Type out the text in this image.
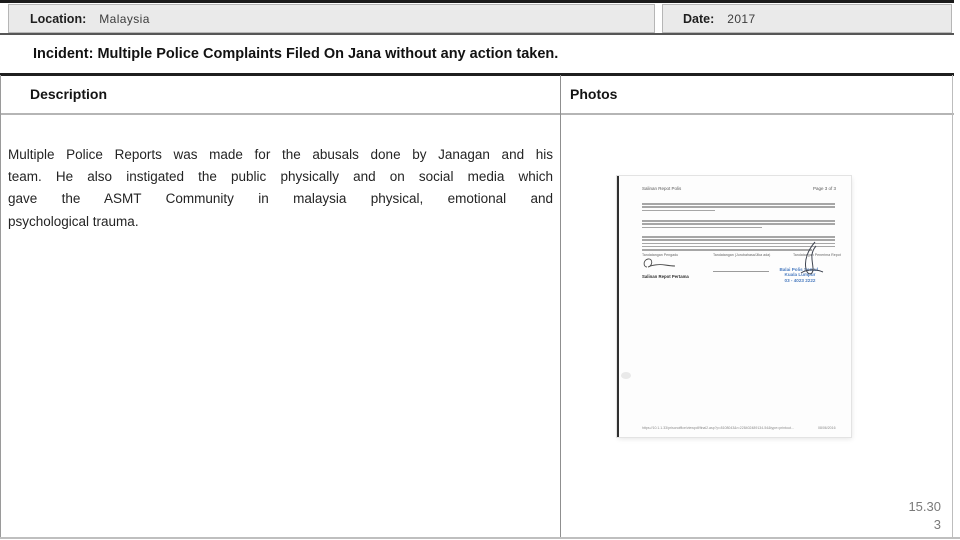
Location: Malaysia	Date: 2017
Incident: Multiple Police Complaints Filed On Jana without any action taken.
Description	Photos
Multiple Police Reports was made for the abusals done by Janagan and his
team. He also instigated the public physically and on social media which
gave the ASMT Community in malaysia physical, emotional and
psychological trauma.
Salinan Repot Polis	Page 3 of 3
Tandatangan Pengadu	Tandatangan (Jurubahasa/Jika ada)	Tandatangan Penerima Repot
Balai Polis Sentul..
Kuala Lumpur
03 - 4023 2222
Salinan Repot Pertama
https://10.1.1.33/prisonoffice/viewpdf/final2.asp?p=8108043&r=228402489134-54&type=printout...	08/06/2016
15.30
3
